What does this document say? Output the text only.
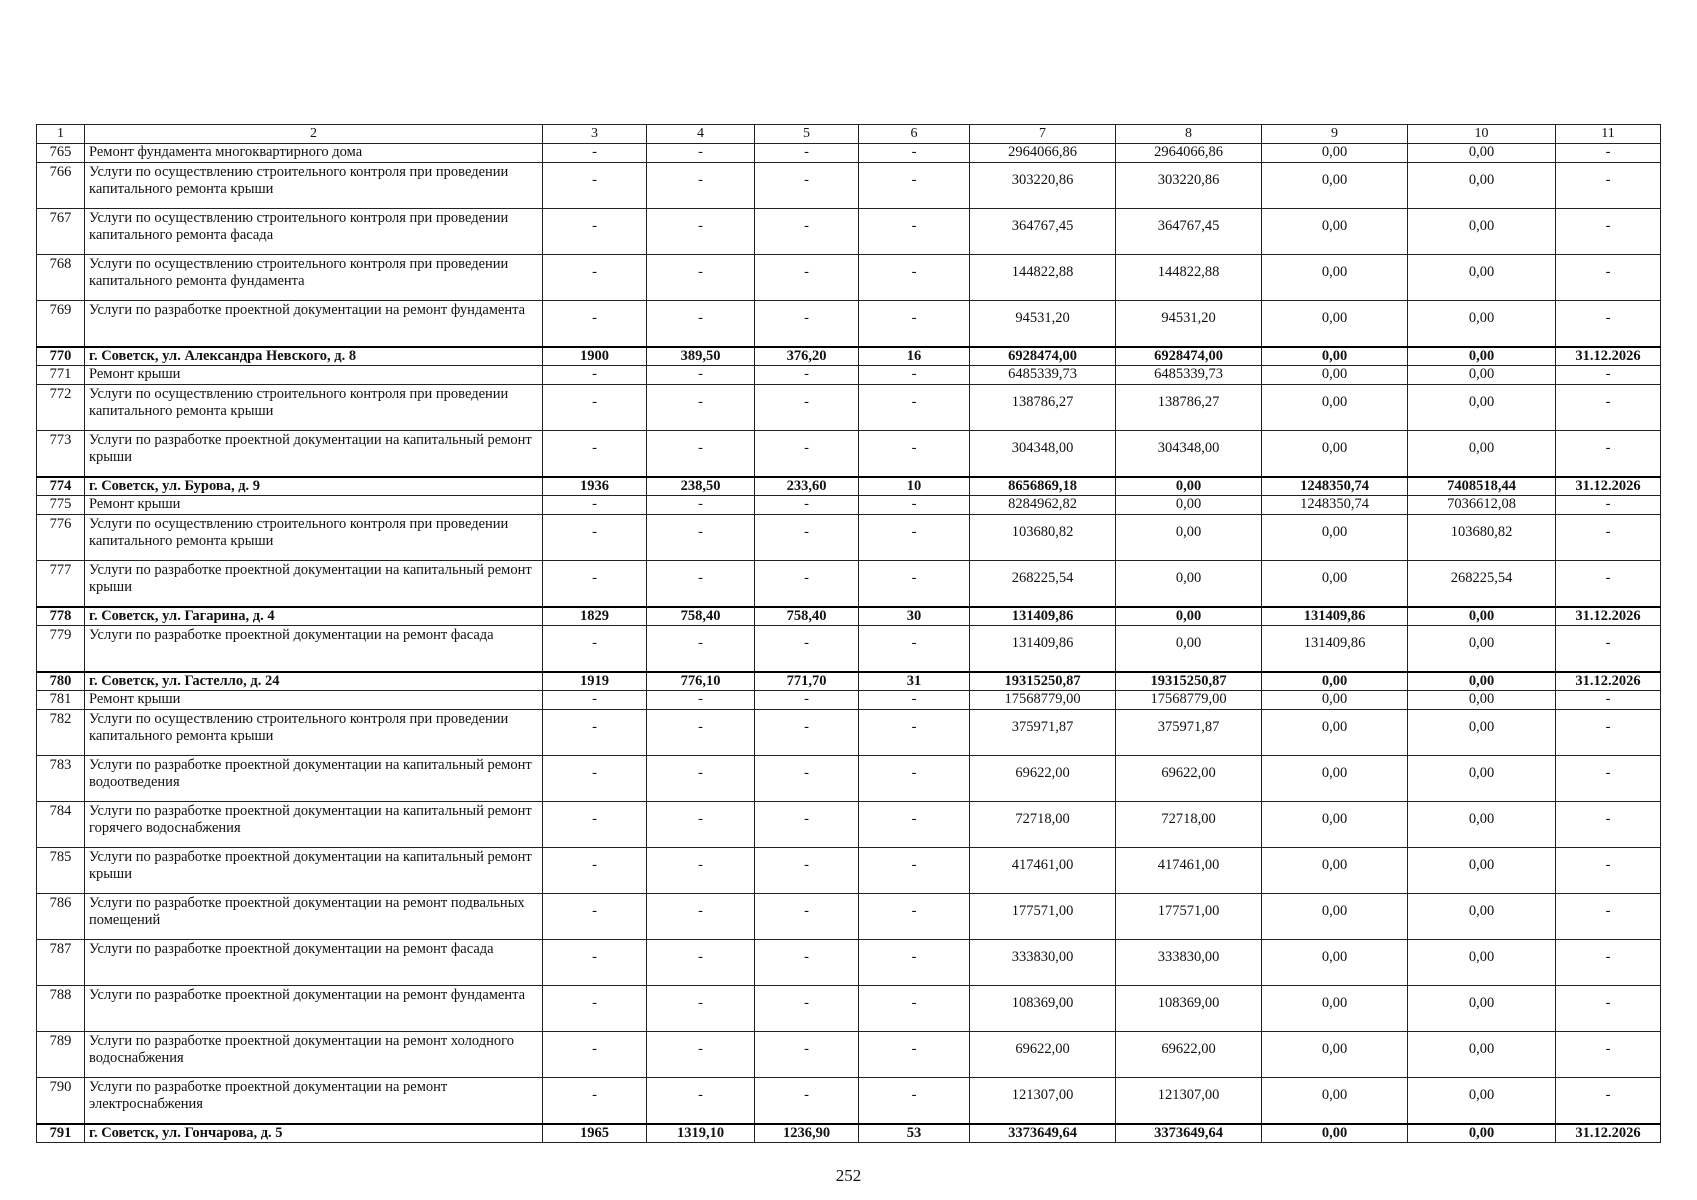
1	2	3	4	5	6	7	8	9	10	11
765	Ремонт фундамента многоквартирного дома	-	-	-	-	2964066,86	2964066,86	0,00	0,00	-
766	Услуги по осуществлению строительного контроля при проведении капитального ремонта крыши	-	-	-	-	303220,86	303220,86	0,00	0,00	-
767	Услуги по осуществлению строительного контроля при проведении капитального ремонта фасада	-	-	-	-	364767,45	364767,45	0,00	0,00	-
768	Услуги по осуществлению строительного контроля при проведении капитального ремонта фундамента	-	-	-	-	144822,88	144822,88	0,00	0,00	-
769	Услуги по разработке проектной документации на ремонт фундамента	-	-	-	-	94531,20	94531,20	0,00	0,00	-
770	г. Советск, ул. Александра Невского, д. 8	1900	389,50	376,20	16	6928474,00	6928474,00	0,00	0,00	31.12.2026
771	Ремонт крыши	-	-	-	-	6485339,73	6485339,73	0,00	0,00	-
772	Услуги по осуществлению строительного контроля при проведении капитального ремонта крыши	-	-	-	-	138786,27	138786,27	0,00	0,00	-
773	Услуги по разработке проектной документации на капитальный ремонт крыши	-	-	-	-	304348,00	304348,00	0,00	0,00	-
774	г. Советск, ул. Бурова, д. 9	1936	238,50	233,60	10	8656869,18	0,00	1248350,74	7408518,44	31.12.2026
775	Ремонт крыши	-	-	-	-	8284962,82	0,00	1248350,74	7036612,08	-
776	Услуги по осуществлению строительного контроля при проведении капитального ремонта крыши	-	-	-	-	103680,82	0,00	0,00	103680,82	-
777	Услуги по разработке проектной документации на капитальный ремонт крыши	-	-	-	-	268225,54	0,00	0,00	268225,54	-
778	г. Советск, ул. Гагарина, д. 4	1829	758,40	758,40	30	131409,86	0,00	131409,86	0,00	31.12.2026
779	Услуги по разработке проектной документации на ремонт фасада	-	-	-	-	131409,86	0,00	131409,86	0,00	-
780	г. Советск, ул. Гастелло, д. 24	1919	776,10	771,70	31	19315250,87	19315250,87	0,00	0,00	31.12.2026
781	Ремонт крыши	-	-	-	-	17568779,00	17568779,00	0,00	0,00	-
782	Услуги по осуществлению строительного контроля при проведении капитального ремонта крыши	-	-	-	-	375971,87	375971,87	0,00	0,00	-
783	Услуги по разработке проектной документации на капитальный ремонт водоотведения	-	-	-	-	69622,00	69622,00	0,00	0,00	-
784	Услуги по разработке проектной документации на капитальный ремонт горячего водоснабжения	-	-	-	-	72718,00	72718,00	0,00	0,00	-
785	Услуги по разработке проектной документации на капитальный ремонт крыши	-	-	-	-	417461,00	417461,00	0,00	0,00	-
786	Услуги по разработке проектной документации на ремонт подвальных помещений	-	-	-	-	177571,00	177571,00	0,00	0,00	-
787	Услуги по разработке проектной документации на ремонт фасада	-	-	-	-	333830,00	333830,00	0,00	0,00	-
788	Услуги по разработке проектной документации на ремонт фундамента	-	-	-	-	108369,00	108369,00	0,00	0,00	-
789	Услуги по разработке проектной документации на ремонт холодного водоснабжения	-	-	-	-	69622,00	69622,00	0,00	0,00	-
790	Услуги по разработке проектной документации на ремонт электроснабжения	-	-	-	-	121307,00	121307,00	0,00	0,00	-
791	г. Советск, ул. Гончарова, д. 5	1965	1319,10	1236,90	53	3373649,64	3373649,64	0,00	0,00	31.12.2026
252
